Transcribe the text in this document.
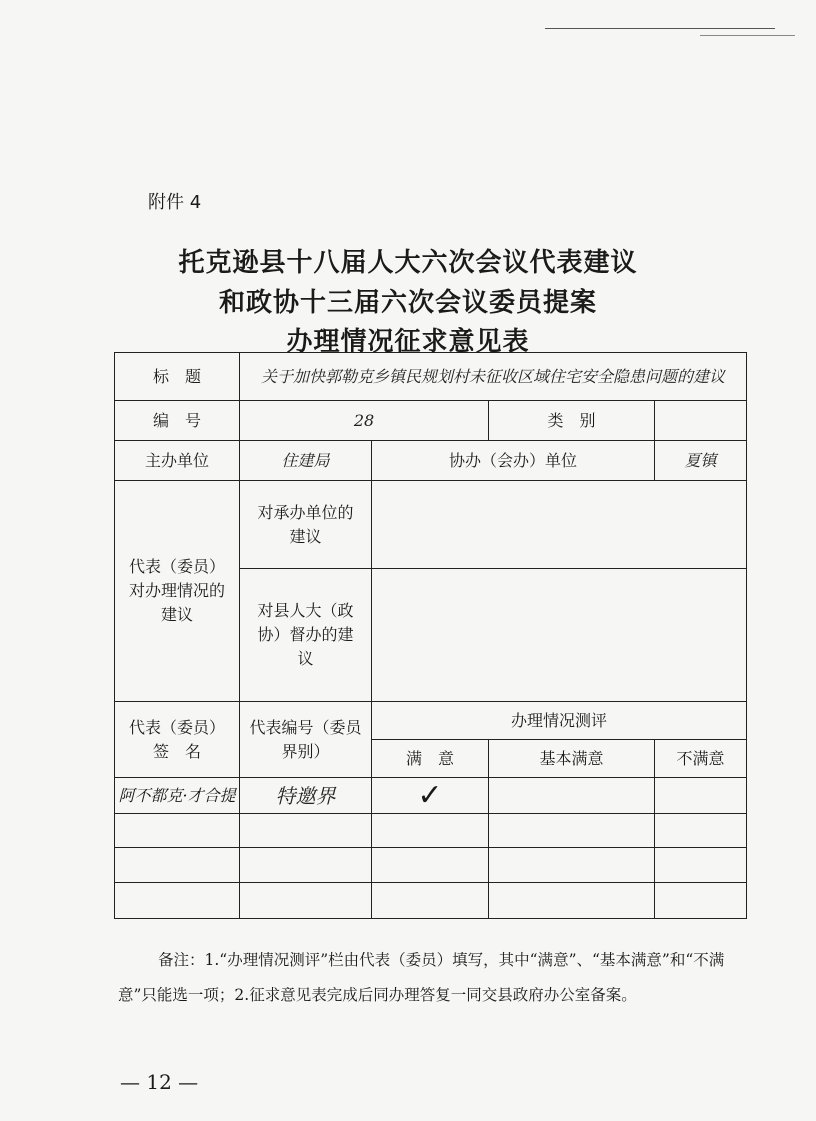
附件 4
托克逊县十八届人大六次会议代表建议
和政协十三届六次会议委员提案
办理情况征求意见表
标　题	关于加快郭勒克乡镇民规划村未征收区域住宅安全隐患问题的建议			
编　号	28		类　别	
主办单位	住建局	协办（会办）单位		夏镇
代表（委员）对办理情况的建议	对承办单位的建议			
	对县人大（政协）督办的建议			
代表（委员）签　名	代表编号（委员界别）	办理情况测评		
		满　意	基本满意	不满意
阿不都克·才合提	特邀界	✓		

备注：1.“办理情况测评”栏由代表（委员）填写，其中“满意”、“基本满意”和“不满意”只能选一项；2.征求意见表完成后同办理答复一同交县政府办公室备案。
— 12 —
